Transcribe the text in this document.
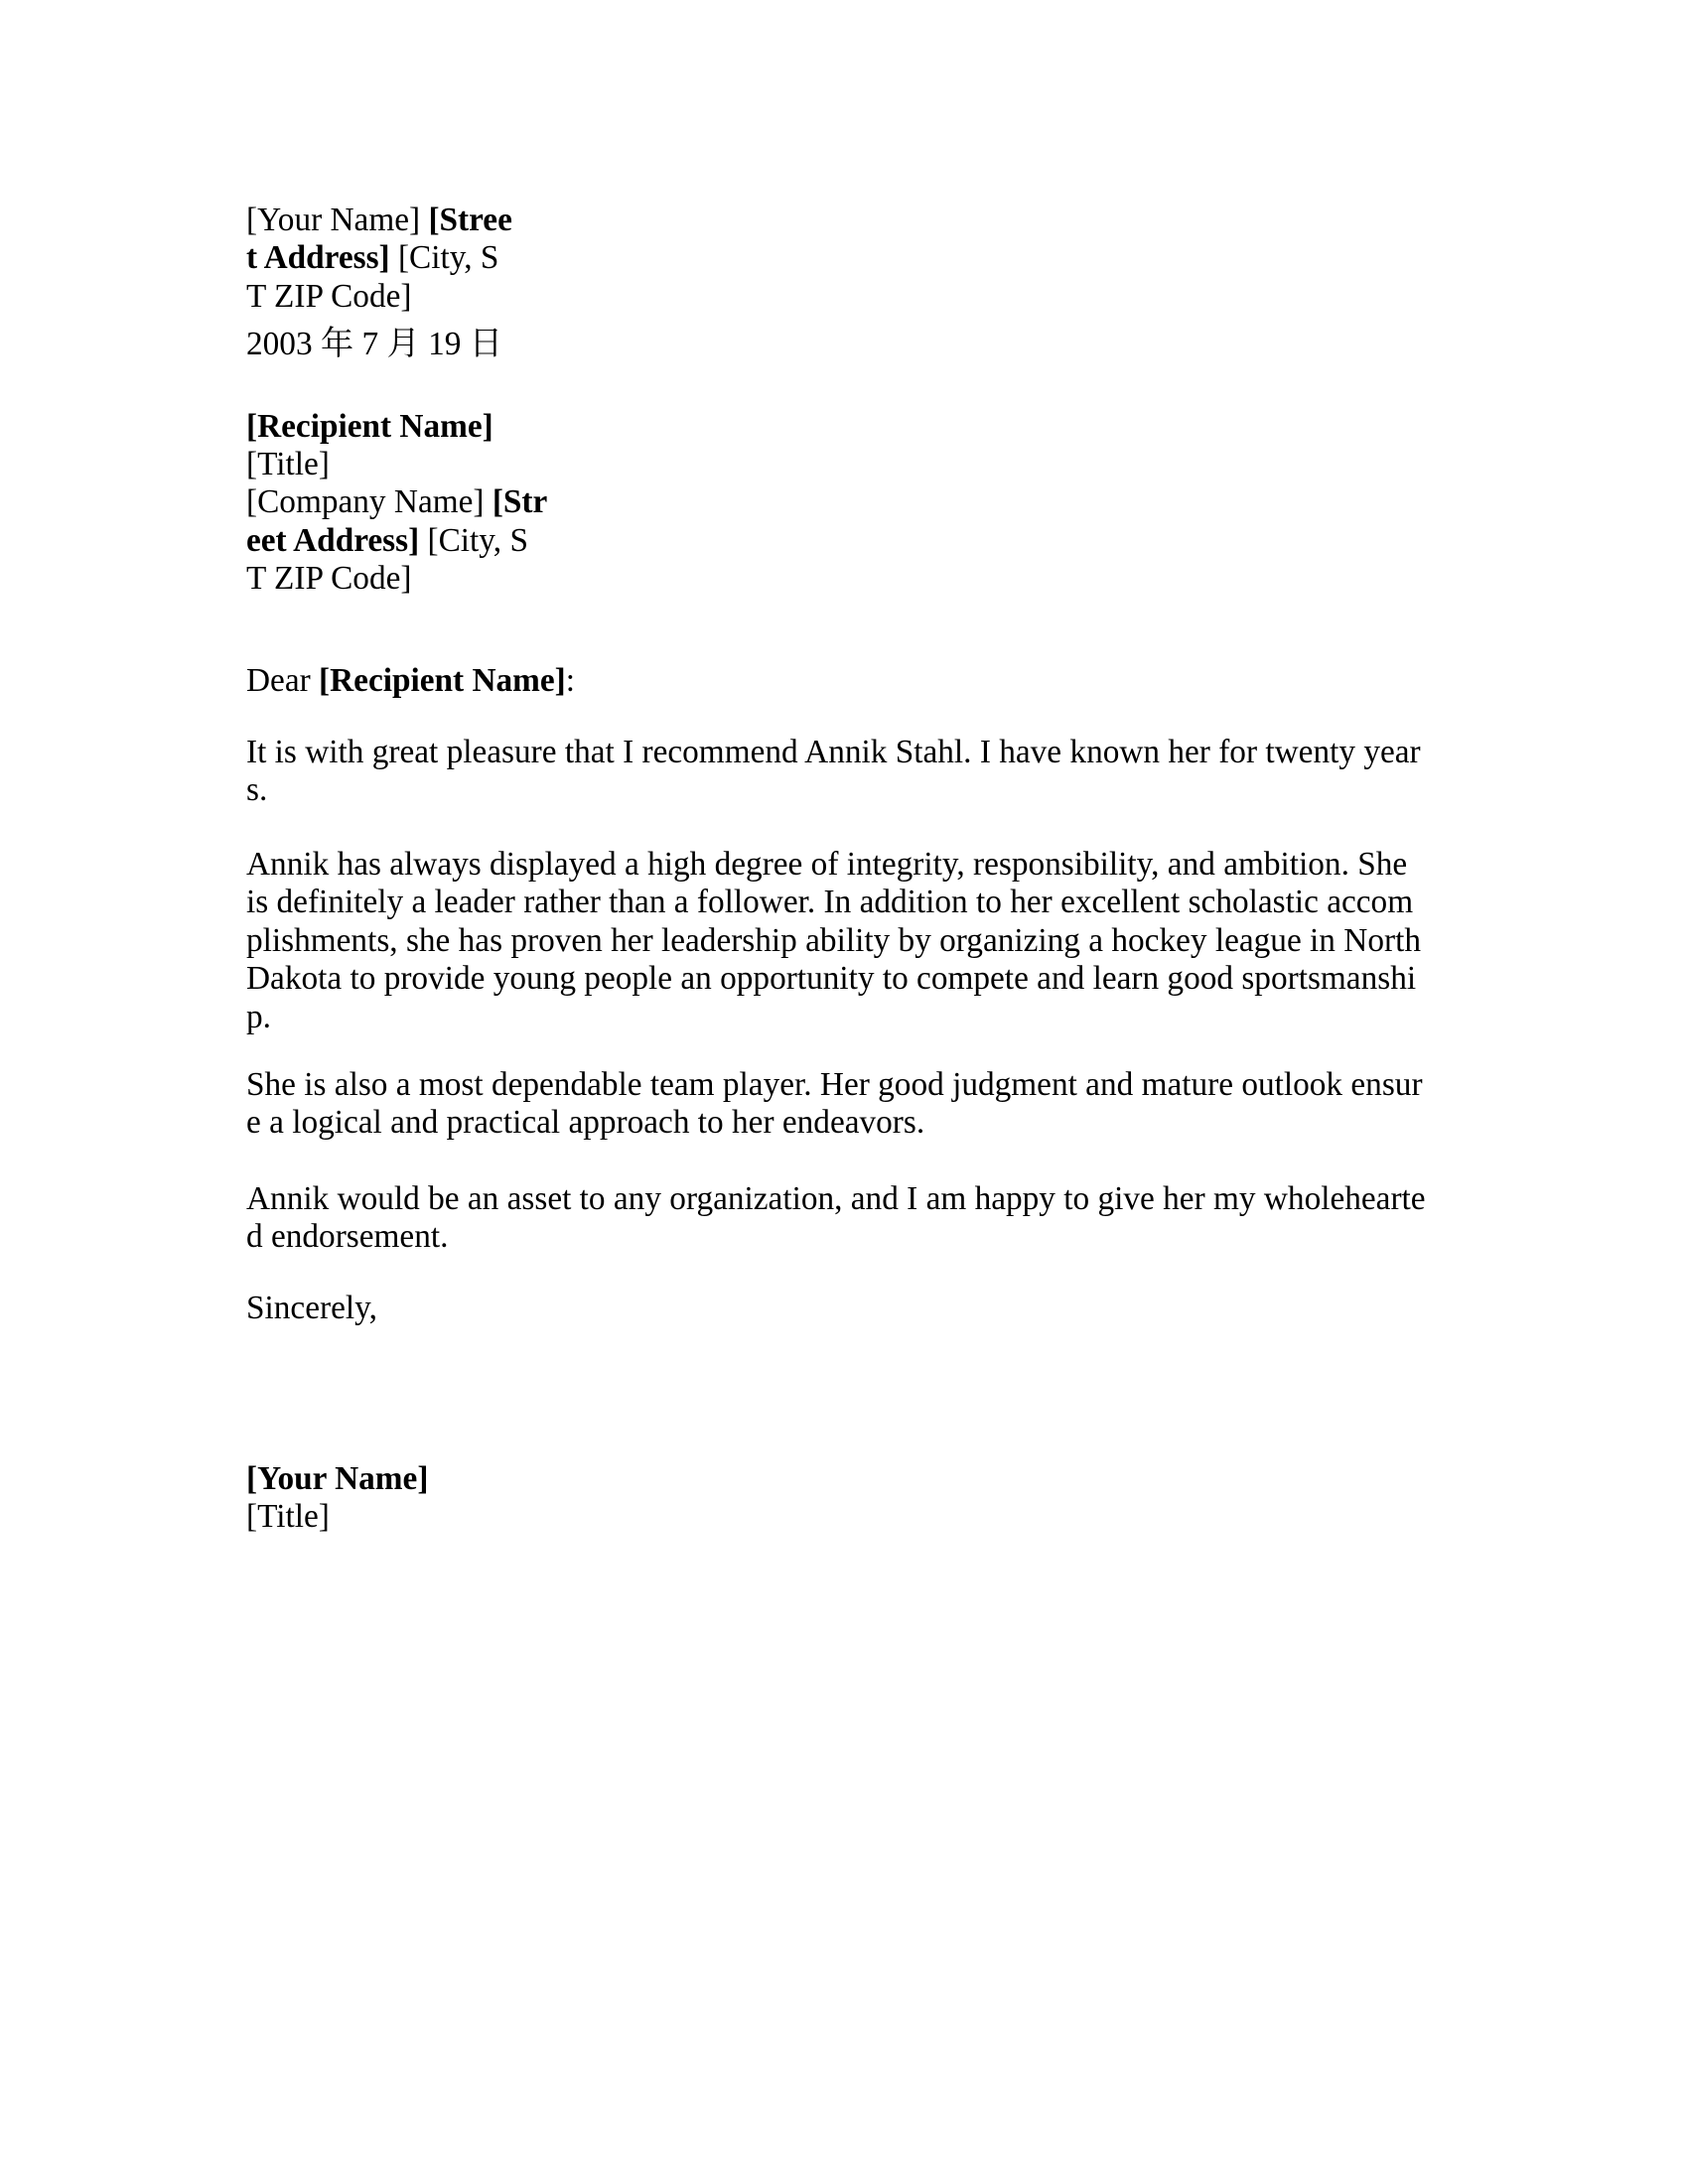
[Your Name] [Stree
t Address] [City, S
T ZIP Code]
2003 年 7 月 19 日
[Recipient Name]
[Title]
[Company Name] [Str
eet Address] [City, S
T ZIP Code]
Dear [Recipient Name]:
It is with great pleasure that I recommend Annik Stahl. I have known her for twenty year
s.
Annik has always displayed a high degree of integrity, responsibility, and ambition. She
is definitely a leader rather than a follower. In addition to her excellent scholastic accom
plishments, she has proven her leadership ability by organizing a hockey league in North
Dakota to provide young people an opportunity to compete and learn good sportsmanshi
p.
She is also a most dependable team player. Her good judgment and mature outlook ensur
e a logical and practical approach to her endeavors.
Annik would be an asset to any organization, and I am happy to give her my wholehearte
d endorsement.
Sincerely,
[Your Name]
[Title]
